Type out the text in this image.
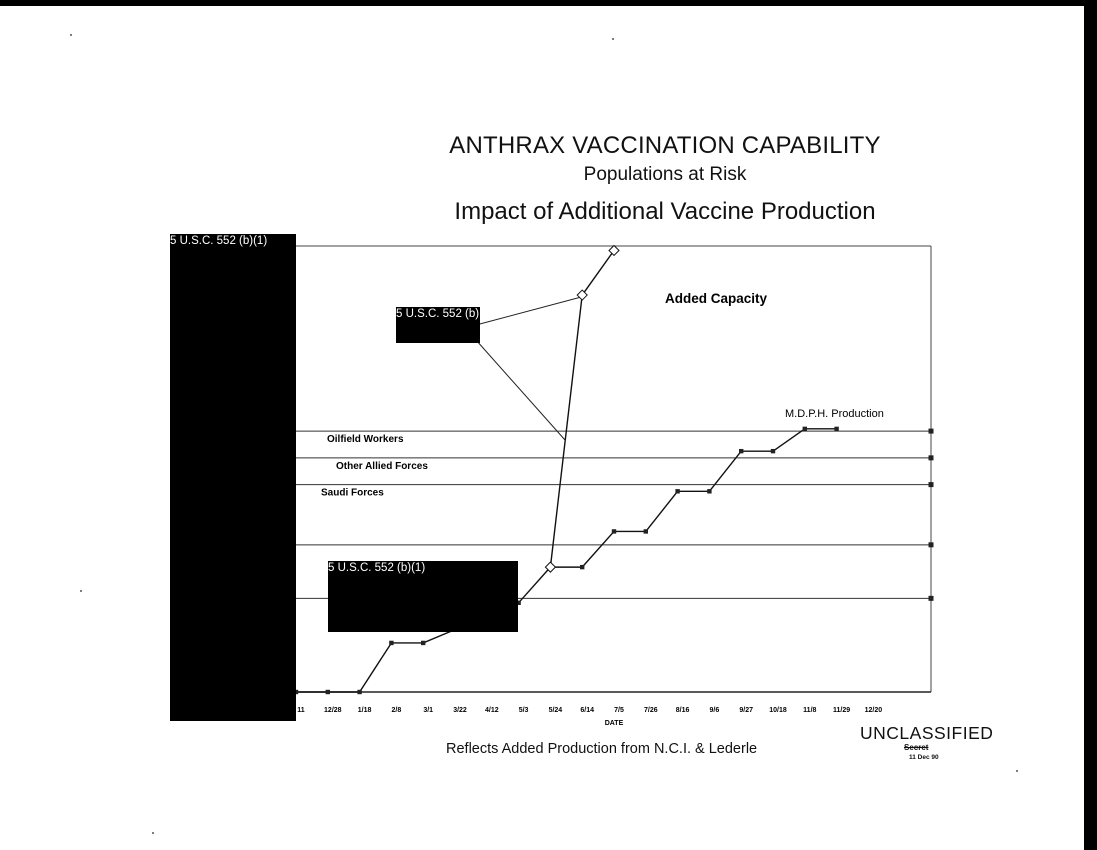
ANTHRAX VACCINATION CAPABILITY
Populations at Risk
Impact of Additional Vaccine Production
Oilfield Workers
Other Allied Forces
Saudi Forces
11	12/28 1/18	2/8	3/1	3/22	4/12	5/3	5/24	6/14	7/5	7/26	8/16	9/6	9/27 10/18 11/8 11/29 12/20
DATE
Added Capacity
M.D.P.H. Production
5 U.S.C. 552 (b)(1)
5 U.S.C. 552 (b)
5 U.S.C. 552 (b)(1)
Reflects Added Production from N.C.I. & Lederle
UNCLASSIFIED
Secret
11 Dec 90
